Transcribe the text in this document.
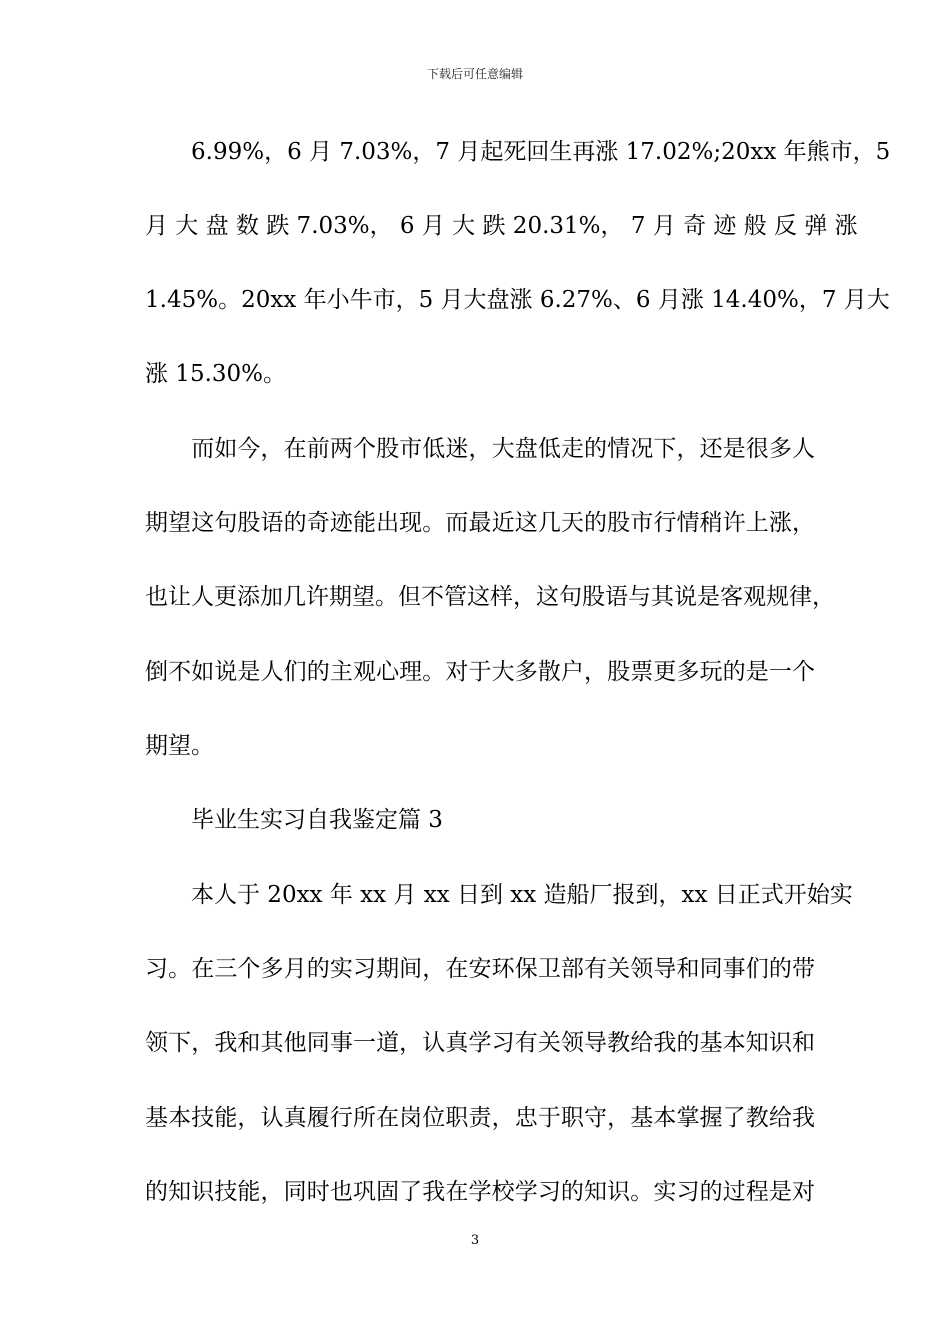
下载后可任意编辑
　　6.99%，6 月 7.03%，7 月起死回生再涨 17.02%;20xx 年熊市，5
月 大 盘 数 跌 7.03%， 6 月 大 跌 20.31%， 7 月 奇 迹 般 反 弹 涨
1.45%。20xx 年小牛市，5 月大盘涨 6.27%、6 月涨 14.40%，7 月大
涨 15.30%。
　　而如今，在前两个股市低迷，大盘低走的情况下，还是很多人
期望这句股语的奇迹能出现。而最近这几天的股市行情稍许上涨，
也让人更添加几许期望。但不管这样，这句股语与其说是客观规律，
倒不如说是人们的主观心理。对于大多散户，股票更多玩的是一个
期望。
　　毕业生实习自我鉴定篇 3
　　本人于 20xx 年 xx 月 xx 日到 xx 造船厂报到，xx 日正式开始实
习。在三个多月的实习期间，在安环保卫部有关领导和同事们的带
领下，我和其他同事一道，认真学习有关领导教给我的基本知识和
基本技能，认真履行所在岗位职责，忠于职守，基本掌握了教给我
的知识技能，同时也巩固了我在学校学习的知识。实习的过程是对
3
